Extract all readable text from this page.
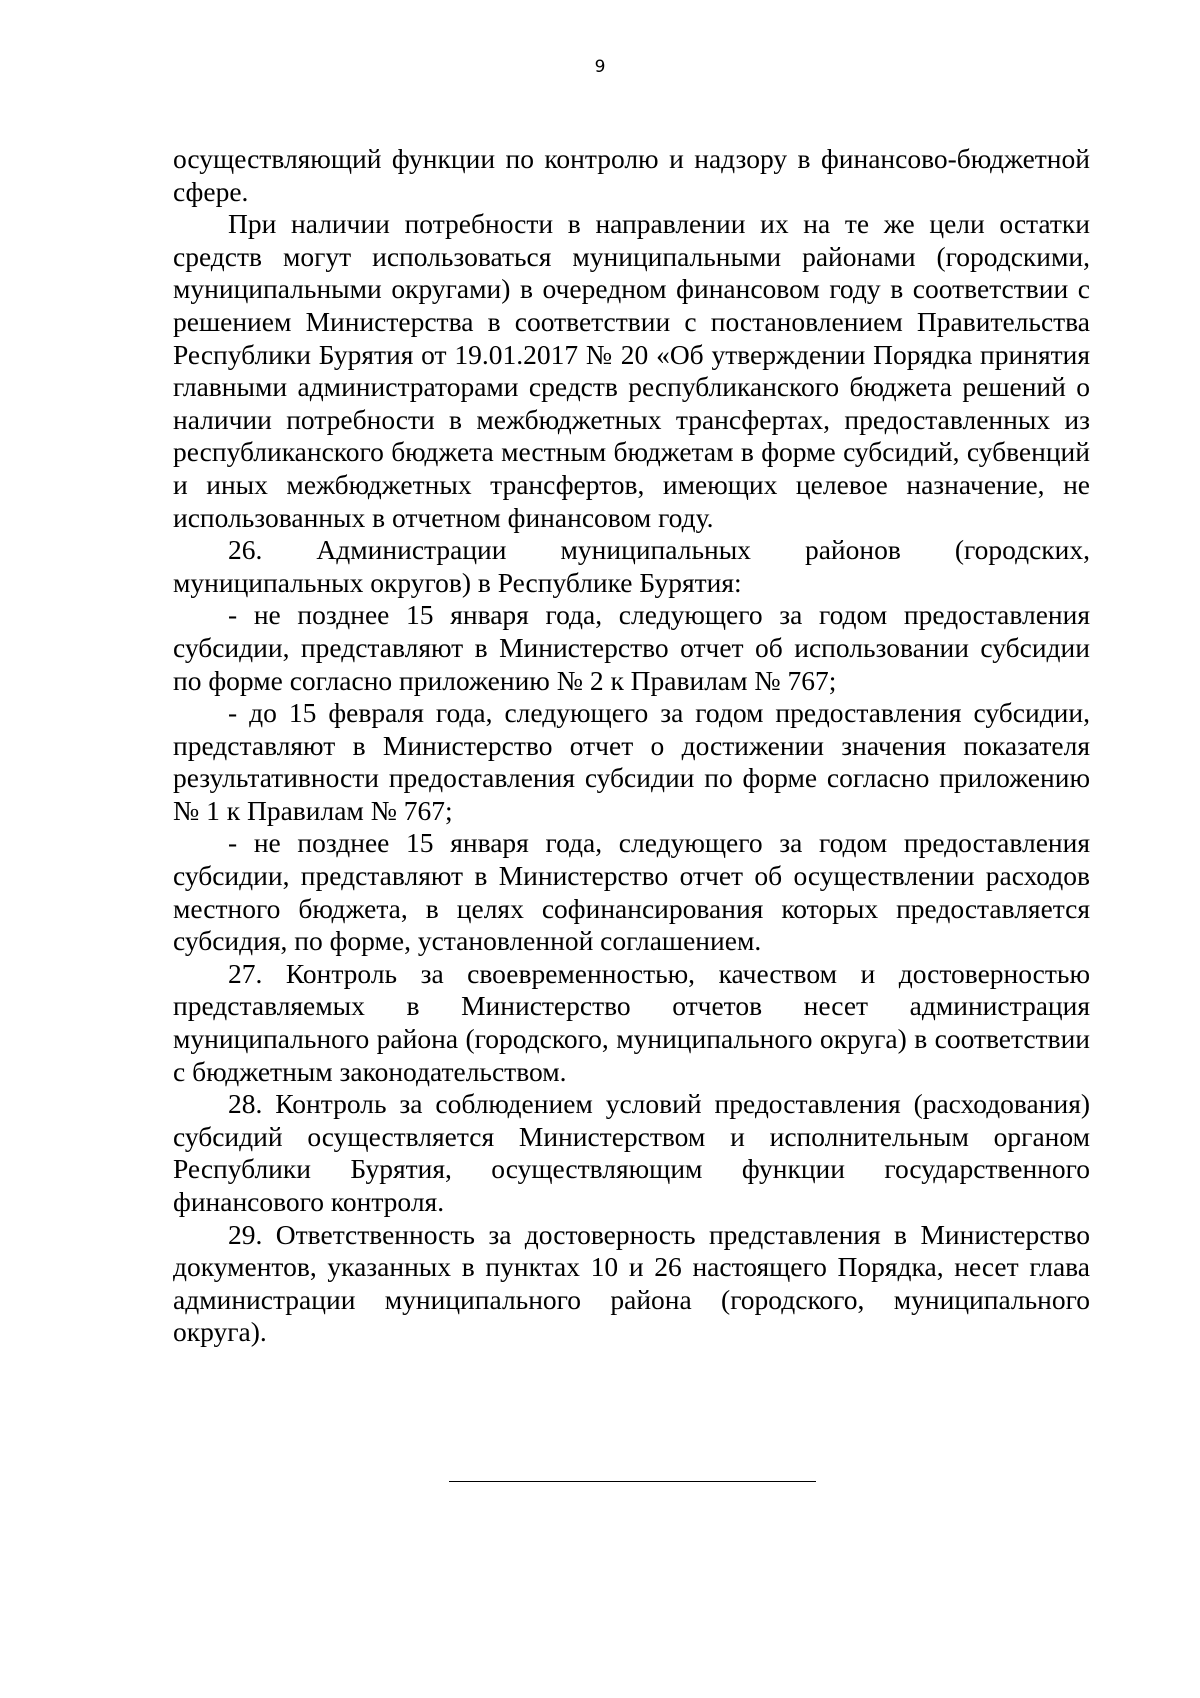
9

осуществляющий функции по контролю и надзору в финансово-бюджетной сфере.

При наличии потребности в направлении их на те же цели остатки средств могут использоваться муниципальными районами (городскими, муниципальными округами) в очередном финансовом году в соответствии с решением Министерства в соответствии с постановлением Правительства Республики Бурятия от 19.01.2017 № 20 «Об утверждении Порядка принятия главными администраторами средств республиканского бюджета решений о наличии потребности в межбюджетных трансфертах, предоставленных из республиканского бюджета местным бюджетам в форме субсидий, субвенций и иных межбюджетных трансфертов, имеющих целевое назначение, не использованных в отчетном финансовом году.

26. Администрации муниципальных районов (городских, муниципальных округов) в Республике Бурятия:

- не позднее 15 января года, следующего за годом предоставления субсидии, представляют в Министерство отчет об использовании субсидии по форме согласно приложению № 2 к Правилам № 767;

- до 15 февраля года, следующего за годом предоставления субсидии, представляют в Министерство отчет о достижении значения показателя результативности предоставления субсидии по форме согласно приложению № 1 к Правилам № 767;

- не позднее 15 января года, следующего за годом предоставления субсидии, представляют в Министерство отчет об осуществлении расходов местного бюджета, в целях софинансирования которых предоставляется субсидия, по форме, установленной соглашением.

27. Контроль за своевременностью, качеством и достоверностью представляемых в Министерство отчетов несет администрация муниципального района (городского, муниципального округа) в соответствии с бюджетным законодательством.

28. Контроль за соблюдением условий предоставления (расходования) субсидий осуществляется Министерством и исполнительным органом Республики Бурятия, осуществляющим функции государственного финансового контроля.

29. Ответственность за достоверность представления в Министерство документов, указанных в пунктах 10 и 26 настоящего Порядка, несет глава администрации муниципального района (городского, муниципального округа).
